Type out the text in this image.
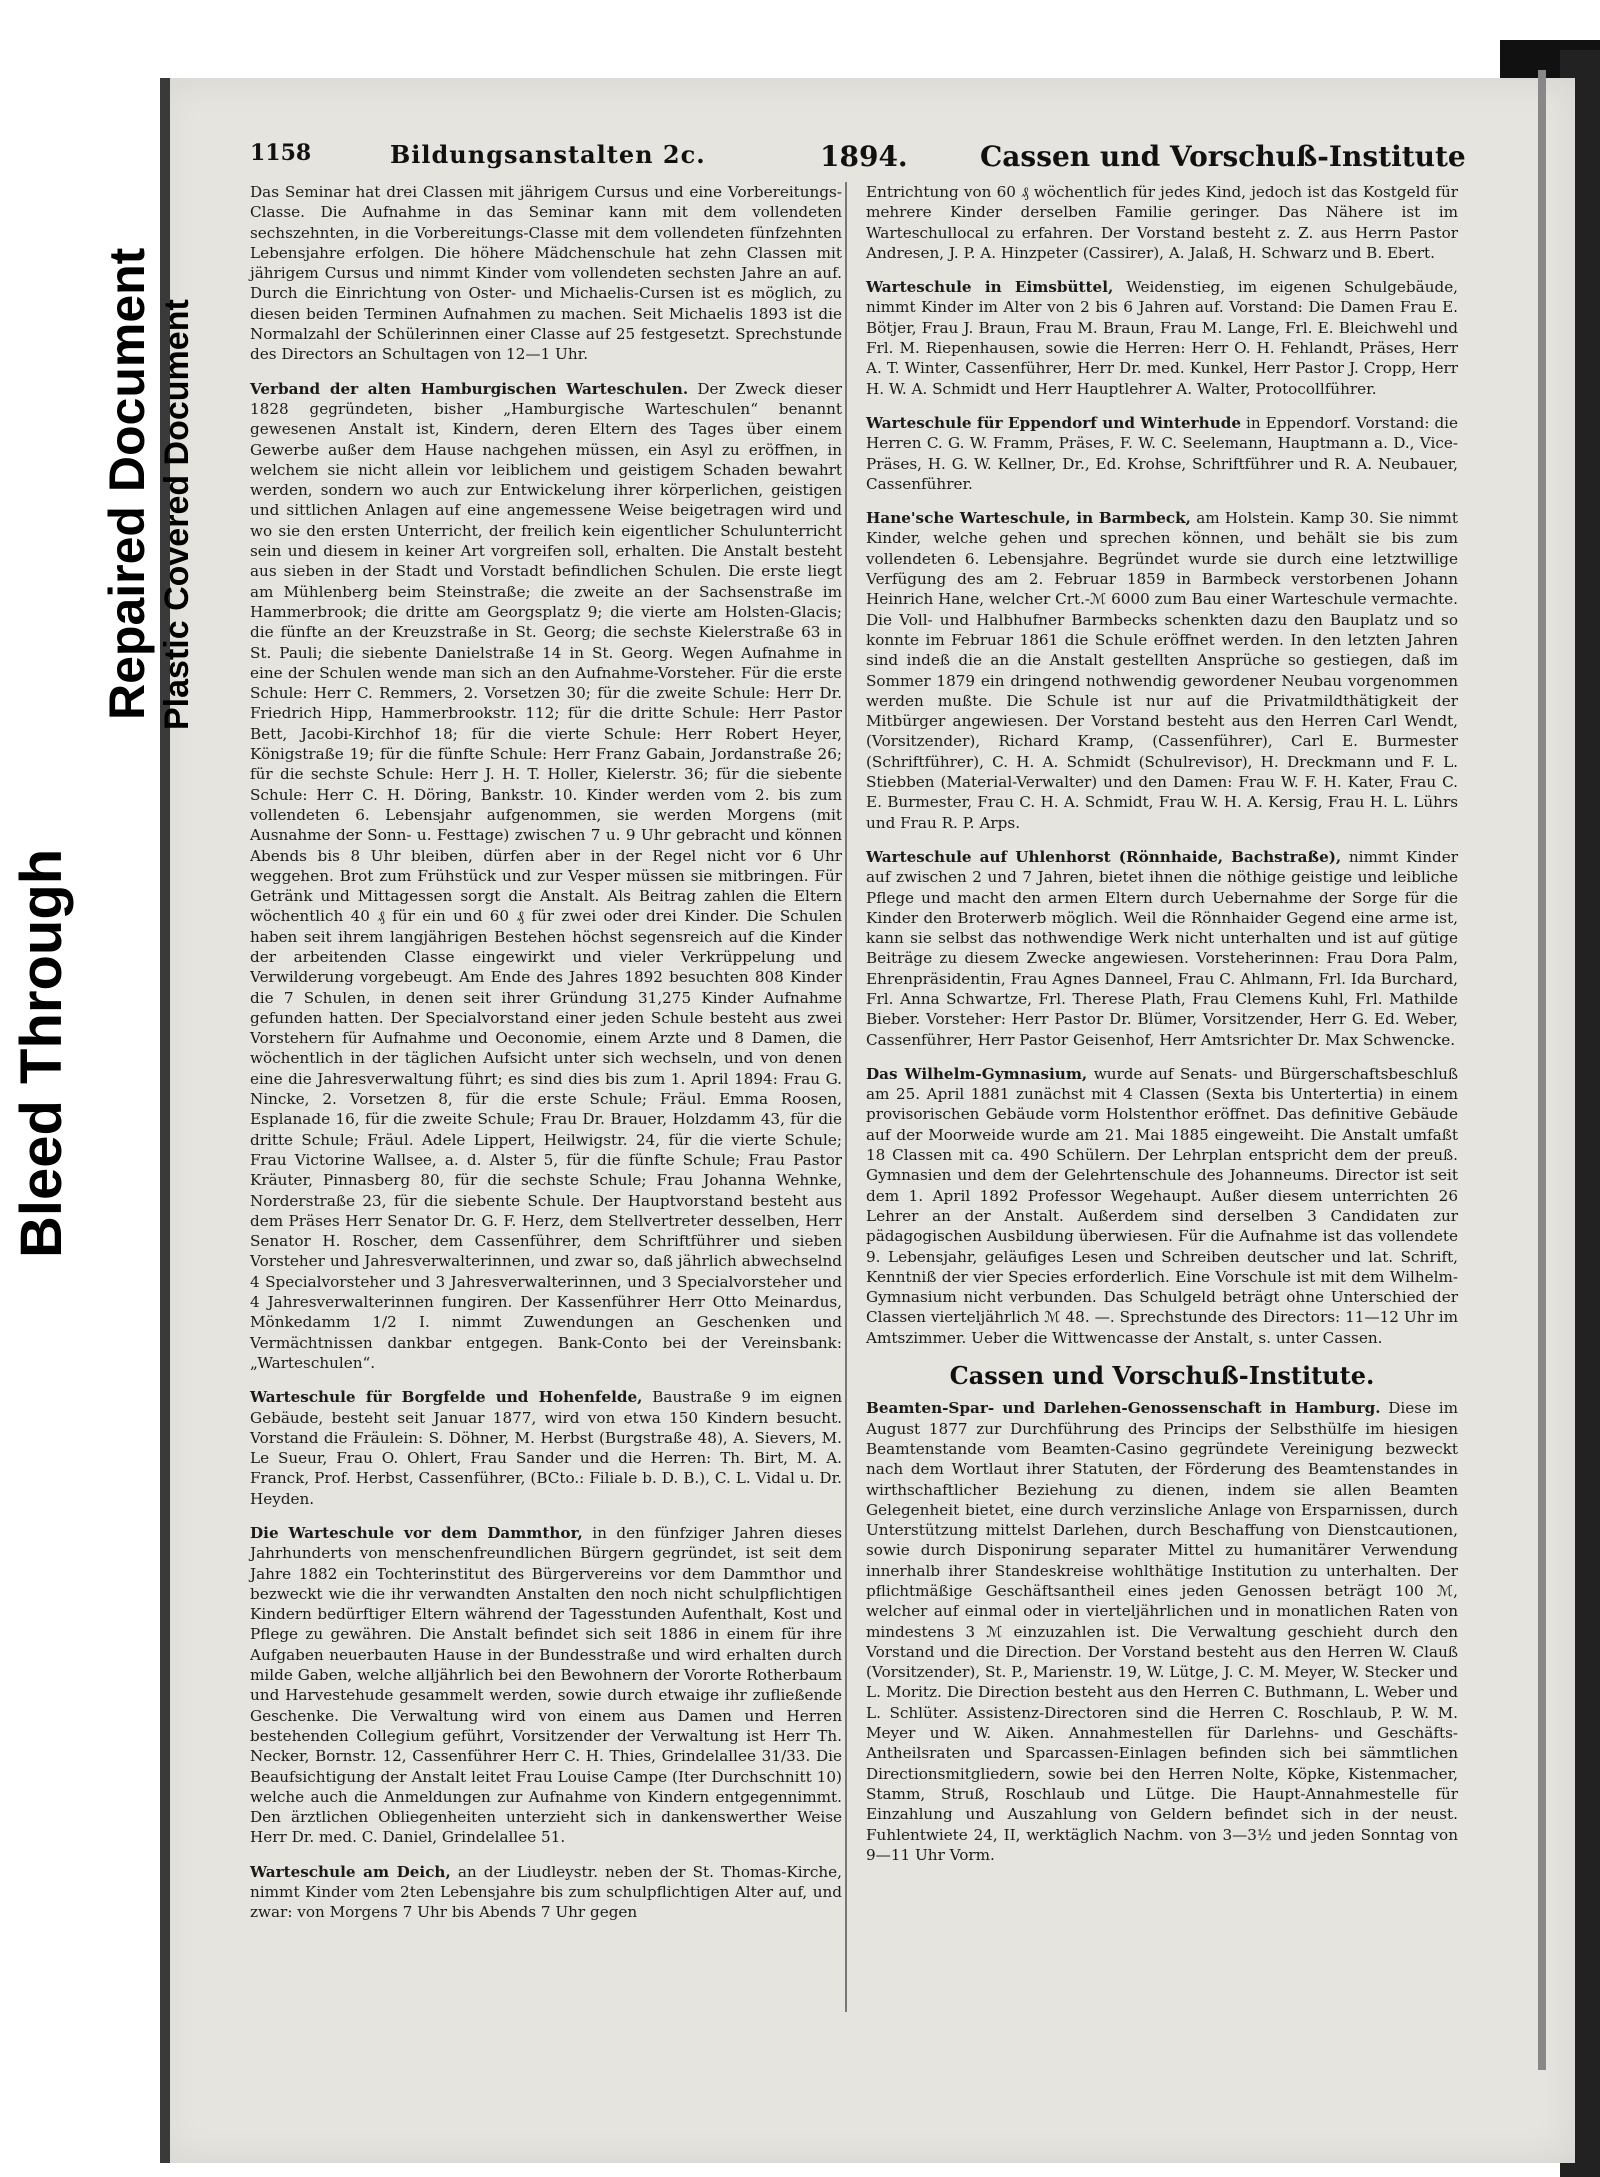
Bleed Through
Repaired Document Plastic Covered Document
1158	Bildungsanstalten 2c.	1894.	Cassen und Vorschuß-Institute

Das Seminar hat drei Classen mit jährigem Cursus und eine Vorbereitungs-Classe. Die Aufnahme in das Seminar kann mit dem vollendeten sechszehnten, in die Vorbereitungs-Classe mit dem vollendeten fünfzehnten Lebensjahre erfolgen. Die höhere Mädchenschule hat zehn Classen mit jährigem Cursus und nimmt Kinder vom vollendeten sechsten Jahre an auf. Durch die Einrichtung von Oster- und Michaelis-Cursen ist es möglich, zu diesen beiden Terminen Aufnahmen zu machen. Seit Michaelis 1893 ist die Normalzahl der Schülerinnen einer Classe auf 25 festgesetzt. Sprechstunde des Directors an Schultagen von 12—1 Uhr.

Verband der alten Hamburgischen Warteschulen. Der Zweck dieser 1828 gegründeten, bisher „Hamburgische Warteschulen“ benannt gewesenen Anstalt ist, Kindern, deren Eltern des Tages über einem Gewerbe außer dem Hause nachgehen müssen, ein Asyl zu eröffnen, in welchem sie nicht allein vor leiblichem und geistigem Schaden bewahrt werden, sondern wo auch zur Entwickelung ihrer körperlichen, geistigen und sittlichen Anlagen auf eine angemessene Weise beigetragen wird und wo sie den ersten Unterricht, der freilich kein eigentlicher Schulunterricht sein und diesem in keiner Art vorgreifen soll, erhalten. Die Anstalt besteht aus sieben in der Stadt und Vorstadt befindlichen Schulen. Die erste liegt am Mühlenberg beim Steinstraße; die zweite an der Sachsenstraße im Hammerbrook; die dritte am Georgsplatz 9; die vierte am Holsten-Glacis; die fünfte an der Kreuzstraße in St. Georg; die sechste Kielerstraße 63 in St. Pauli; die siebente Danielstraße 14 in St. Georg. Wegen Aufnahme in eine der Schulen wende man sich an den Aufnahme-Vorsteher. Für die erste Schule: Herr C. Remmers, 2. Vorsetzen 30; für die zweite Schule: Herr Dr. Friedrich Hipp, Hammerbrookstr. 112; für die dritte Schule: Herr Pastor Bett, Jacobi-Kirchhof 18; für die vierte Schule: Herr Robert Heyer, Königstraße 19; für die fünfte Schule: Herr Franz Gabain, Jordanstraße 26; für die sechste Schule: Herr J. H. T. Holler, Kielerstr. 36; für die siebente Schule: Herr C. H. Döring, Bankstr. 10. Kinder werden vom 2. bis zum vollendeten 6. Lebensjahr aufgenommen, sie werden Morgens (mit Ausnahme der Sonn- u. Festtage) zwischen 7 u. 9 Uhr gebracht und können Abends bis 8 Uhr bleiben, dürfen aber in der Regel nicht vor 6 Uhr weggehen. Brot zum Frühstück und zur Vesper müssen sie mitbringen. Für Getränk und Mittagessen sorgt die Anstalt. Als Beitrag zahlen die Eltern wöchentlich 40 ₰ für ein und 60 ₰ für zwei oder drei Kinder. Die Schulen haben seit ihrem langjährigen Bestehen höchst segensreich auf die Kinder der arbeitenden Classe eingewirkt und vieler Verkrüppelung und Verwilderung vorgebeugt. Am Ende des Jahres 1892 besuchten 808 Kinder die 7 Schulen, in denen seit ihrer Gründung 31,275 Kinder Aufnahme gefunden hatten. Der Specialvorstand einer jeden Schule besteht aus zwei Vorstehern für Aufnahme und Oeconomie, einem Arzte und 8 Damen, die wöchentlich in der täglichen Aufsicht unter sich wechseln, und von denen eine die Jahresverwaltung führt; es sind dies bis zum 1. April 1894: Frau G. Nincke, 2. Vorsetzen 8, für die erste Schule; Fräul. Emma Roosen, Esplanade 16, für die zweite Schule; Frau Dr. Brauer, Holzdamm 43, für die dritte Schule; Fräul. Adele Lippert, Heilwigstr. 24, für die vierte Schule; Frau Victorine Wallsee, a. d. Alster 5, für die fünfte Schule; Frau Pastor Kräuter, Pinnasberg 80, für die sechste Schule; Frau Johanna Wehnke, Norderstraße 23, für die siebente Schule. Der Hauptvorstand besteht aus dem Präses Herr Senator Dr. G. F. Herz, dem Stellvertreter desselben, Herr Senator H. Roscher, dem Cassenführer, dem Schriftführer und sieben Vorsteher und Jahresverwalterinnen, und zwar so, daß jährlich abwechselnd 4 Specialvorsteher und 3 Jahresverwalterinnen, und 3 Specialvorsteher und 4 Jahresverwalterinnen fungiren. Der Kassenführer Herr Otto Meinardus, Mönkedamm 1/2 I. nimmt Zuwendungen an Geschenken und Vermächtnissen dankbar entgegen. Bank-Conto bei der Vereinsbank: „Warteschulen“.

Warteschule für Borgfelde und Hohenfelde, Baustraße 9 im eignen Gebäude, besteht seit Januar 1877, wird von etwa 150 Kindern besucht. Vorstand die Fräulein: S. Döhner, M. Herbst (Burgstraße 48), A. Sievers, M. Le Sueur, Frau O. Ohlert, Frau Sander und die Herren: Th. Birt, M. A. Franck, Prof. Herbst, Cassenführer, (BCto.: Filiale b. D. B.), C. L. Vidal u. Dr. Heyden.

Die Warteschule vor dem Dammthor, in den fünfziger Jahren dieses Jahrhunderts von menschenfreundlichen Bürgern gegründet, ist seit dem Jahre 1882 ein Tochterinstitut des Bürgervereins vor dem Dammthor und bezweckt wie die ihr verwandten Anstalten den noch nicht schulpflichtigen Kindern bedürftiger Eltern während der Tagesstunden Aufenthalt, Kost und Pflege zu gewähren. Die Anstalt befindet sich seit 1886 in einem für ihre Aufgaben neuerbauten Hause in der Bundesstraße und wird erhalten durch milde Gaben, welche alljährlich bei den Bewohnern der Vororte Rotherbaum und Harvestehude gesammelt werden, sowie durch etwaige ihr zufließende Geschenke. Die Verwaltung wird von einem aus Damen und Herren bestehenden Collegium geführt, Vorsitzender der Verwaltung ist Herr Th. Necker, Bornstr. 12, Cassenführer Herr C. H. Thies, Grindelallee 31/33. Die Beaufsichtigung der Anstalt leitet Frau Louise Campe (Iter Durchschnitt 10) welche auch die Anmeldungen zur Aufnahme von Kindern entgegennimmt. Den ärztlichen Obliegenheiten unterzieht sich in dankenswerther Weise Herr Dr. med. C. Daniel, Grindelallee 51.

Warteschule am Deich, an der Liudleystr. neben der St. Thomas-Kirche, nimmt Kinder vom 2ten Lebensjahre bis zum schulpflichtigen Alter auf, und zwar: von Morgens 7 Uhr bis Abends 7 Uhr gegen

Entrichtung von 60 ₰ wöchentlich für jedes Kind, jedoch ist das Kostgeld für mehrere Kinder derselben Familie geringer. Das Nähere ist im Warteschullocal zu erfahren. Der Vorstand besteht z. Z. aus Herrn Pastor Andresen, J. P. A. Hinzpeter (Cassirer), A. Jalaß, H. Schwarz und B. Ebert.

Warteschule in Eimsbüttel, Weidenstieg, im eigenen Schulgebäude, nimmt Kinder im Alter von 2 bis 6 Jahren auf. Vorstand: Die Damen Frau E. Bötjer, Frau J. Braun, Frau M. Braun, Frau M. Lange, Frl. E. Bleichwehl und Frl. M. Riepenhausen, sowie die Herren: Herr O. H. Fehlandt, Präses, Herr A. T. Winter, Cassenführer, Herr Dr. med. Kunkel, Herr Pastor J. Cropp, Herr H. W. A. Schmidt und Herr Hauptlehrer A. Walter, Protocollführer.

Warteschule für Eppendorf und Winterhude in Eppendorf. Vorstand: die Herren C. G. W. Framm, Präses, F. W. C. Seelemann, Hauptmann a. D., Vice-Präses, H. G. W. Kellner, Dr., Ed. Krohse, Schriftführer und R. A. Neubauer, Cassenführer.

Hane'sche Warteschule, in Barmbeck, am Holstein. Kamp 30. Sie nimmt Kinder, welche gehen und sprechen können, und behält sie bis zum vollendeten 6. Lebensjahre. Begründet wurde sie durch eine letztwillige Verfügung des am 2. Februar 1859 in Barmbeck verstorbenen Johann Heinrich Hane, welcher Crt.-ℳ 6000 zum Bau einer Warteschule vermachte. Die Voll- und Halbhufner Barmbecks schenkten dazu den Bauplatz und so konnte im Februar 1861 die Schule eröffnet werden. In den letzten Jahren sind indeß die an die Anstalt gestellten Ansprüche so gestiegen, daß im Sommer 1879 ein dringend nothwendig gewordener Neubau vorgenommen werden mußte. Die Schule ist nur auf die Privatmildthätigkeit der Mitbürger angewiesen. Der Vorstand besteht aus den Herren Carl Wendt, (Vorsitzender), Richard Kramp, (Cassenführer), Carl E. Burmester (Schriftführer), C. H. A. Schmidt (Schulrevisor), H. Dreckmann und F. L. Stiebben (Material-Verwalter) und den Damen: Frau W. F. H. Kater, Frau C. E. Burmester, Frau C. H. A. Schmidt, Frau W. H. A. Kersig, Frau H. L. Lührs und Frau R. P. Arps.

Warteschule auf Uhlenhorst (Rönnhaide, Bachstraße), nimmt Kinder auf zwischen 2 und 7 Jahren, bietet ihnen die nöthige geistige und leibliche Pflege und macht den armen Eltern durch Uebernahme der Sorge für die Kinder den Broterwerb möglich. Weil die Rönnhaider Gegend eine arme ist, kann sie selbst das nothwendige Werk nicht unterhalten und ist auf gütige Beiträge zu diesem Zwecke angewiesen. Vorsteherinnen: Frau Dora Palm, Ehrenpräsidentin, Frau Agnes Danneel, Frau C. Ahlmann, Frl. Ida Burchard, Frl. Anna Schwartze, Frl. Therese Plath, Frau Clemens Kuhl, Frl. Mathilde Bieber. Vorsteher: Herr Pastor Dr. Blümer, Vorsitzender, Herr G. Ed. Weber, Cassenführer, Herr Pastor Geisenhof, Herr Amtsrichter Dr. Max Schwencke.

Das Wilhelm-Gymnasium, wurde auf Senats- und Bürgerschaftsbeschluß am 25. April 1881 zunächst mit 4 Classen (Sexta bis Untertertia) in einem provisorischen Gebäude vorm Holstenthor eröffnet. Das definitive Gebäude auf der Moorweide wurde am 21. Mai 1885 eingeweiht. Die Anstalt umfaßt 18 Classen mit ca. 490 Schülern. Der Lehrplan entspricht dem der preuß. Gymnasien und dem der Gelehrtenschule des Johanneums. Director ist seit dem 1. April 1892 Professor Wegehaupt. Außer diesem unterrichten 26 Lehrer an der Anstalt. Außerdem sind derselben 3 Candidaten zur pädagogischen Ausbildung überwiesen. Für die Aufnahme ist das vollendete 9. Lebensjahr, geläufiges Lesen und Schreiben deutscher und lat. Schrift, Kenntniß der vier Species erforderlich. Eine Vorschule ist mit dem Wilhelm-Gymnasium nicht verbunden. Das Schulgeld beträgt ohne Unterschied der Classen vierteljährlich ℳ 48. —. Sprechstunde des Directors: 11—12 Uhr im Amtszimmer. Ueber die Wittwencasse der Anstalt, s. unter Cassen.

Cassen und Vorschuß-Institute.

Beamten-Spar- und Darlehen-Genossenschaft in Hamburg. Diese im August 1877 zur Durchführung des Princips der Selbsthülfe im hiesigen Beamtenstande vom Beamten-Casino gegründete Vereinigung bezweckt nach dem Wortlaut ihrer Statuten, der Förderung des Beamtenstandes in wirthschaftlicher Beziehung zu dienen, indem sie allen Beamten Gelegenheit bietet, eine durch verzinsliche Anlage von Ersparnissen, durch Unterstützung mittelst Darlehen, durch Beschaffung von Dienstcautionen, sowie durch Disponirung separater Mittel zu humanitärer Verwendung innerhalb ihrer Standeskreise wohlthätige Institution zu unterhalten. Der pflichtmäßige Geschäftsantheil eines jeden Genossen beträgt 100 ℳ, welcher auf einmal oder in vierteljährlichen und in monatlichen Raten von mindestens 3 ℳ einzuzahlen ist. Die Verwaltung geschieht durch den Vorstand und die Direction. Der Vorstand besteht aus den Herren W. Clauß (Vorsitzender), St. P., Marienstr. 19, W. Lütge, J. C. M. Meyer, W. Stecker und L. Moritz. Die Direction besteht aus den Herren C. Buthmann, L. Weber und L. Schlüter. Assistenz-Directoren sind die Herren C. Roschlaub, P. W. M. Meyer und W. Aiken. Annahmestellen für Darlehns- und Geschäfts-Antheilsraten und Sparcassen-Einlagen befinden sich bei sämmtlichen Directionsmitgliedern, sowie bei den Herren Nolte, Köpke, Kistenmacher, Stamm, Struß, Roschlaub und Lütge. Die Haupt-Annahmestelle für Einzahlung und Auszahlung von Geldern befindet sich in der neust. Fuhlentwiete 24, II, werktäglich Nachm. von 3—3½ und jeden Sonntag von 9—11 Uhr Vorm.
